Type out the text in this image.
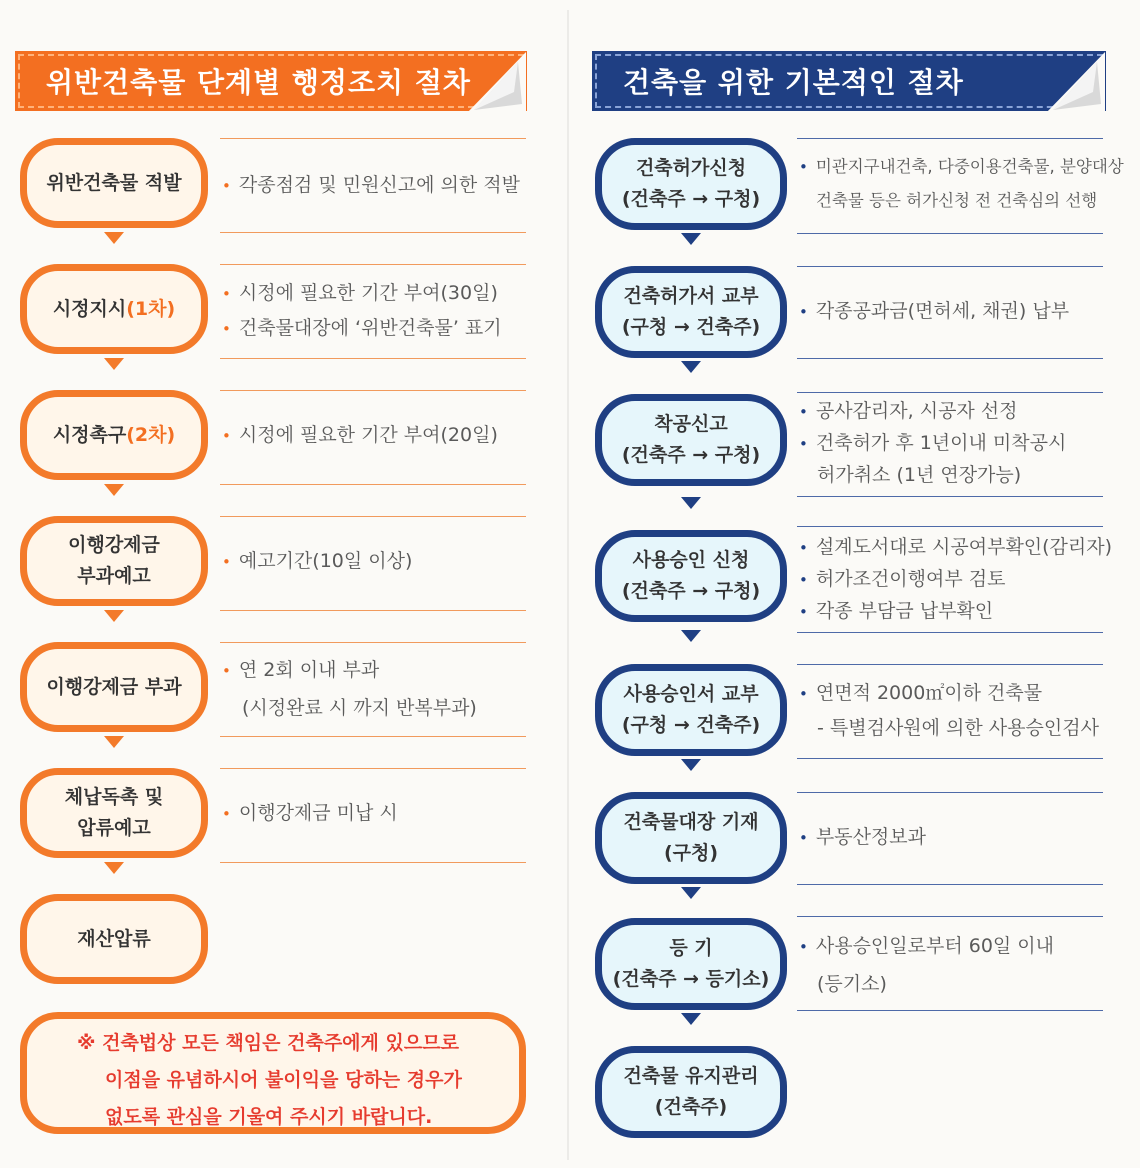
위반건축물 단계별 행정조치 절차
위반건축물 적발
시정지시(1차)
시정촉구(2차)
이행강제금
부과예고
이행강제금 부과
체납독촉 및
압류예고
재산압류
• 각종점검 및 민원신고에 의한 적발
• 시정에 필요한 기간 부여(30일)
• 건축물대장에 ‘위반건축물’ 표기
• 시정에 필요한 기간 부여(20일)
• 예고기간(10일 이상)
• 연 2회 이내 부과
(시정완료 시 까지 반복부과)
• 이행강제금 미납 시
※ 건축법상 모든 책임은 건축주에게 있으므로
이점을 유념하시어 불이익을 당하는 경우가
없도록 관심을 기울여 주시기 바랍니다.
건축을 위한 기본적인 절차
건축허가신청
(건축주 → 구청)
건축허가서 교부
(구청 → 건축주)
착공신고
(건축주 → 구청)
사용승인 신청
(건축주 → 구청)
사용승인서 교부
(구청 → 건축주)
건축물대장 기재
(구청)
등 기
(건축주 → 등기소)
건축물 유지관리
(건축주)
• 미관지구내건축, 다중이용건축물, 분양대상
건축물 등은 허가신청 전 건축심의 선행
• 각종공과금(면허세, 채권) 납부
• 공사감리자, 시공자 선정
• 건축허가 후 1년이내 미착공시
허가취소 (1년 연장가능)
• 설계도서대로 시공여부확인(감리자)
• 허가조건이행여부 검토
• 각종 부담금 납부확인
• 연면적 2000㎡이하 건축물
- 특별검사원에 의한 사용승인검사
• 부동산정보과
• 사용승인일로부터 60일 이내
(등기소)
